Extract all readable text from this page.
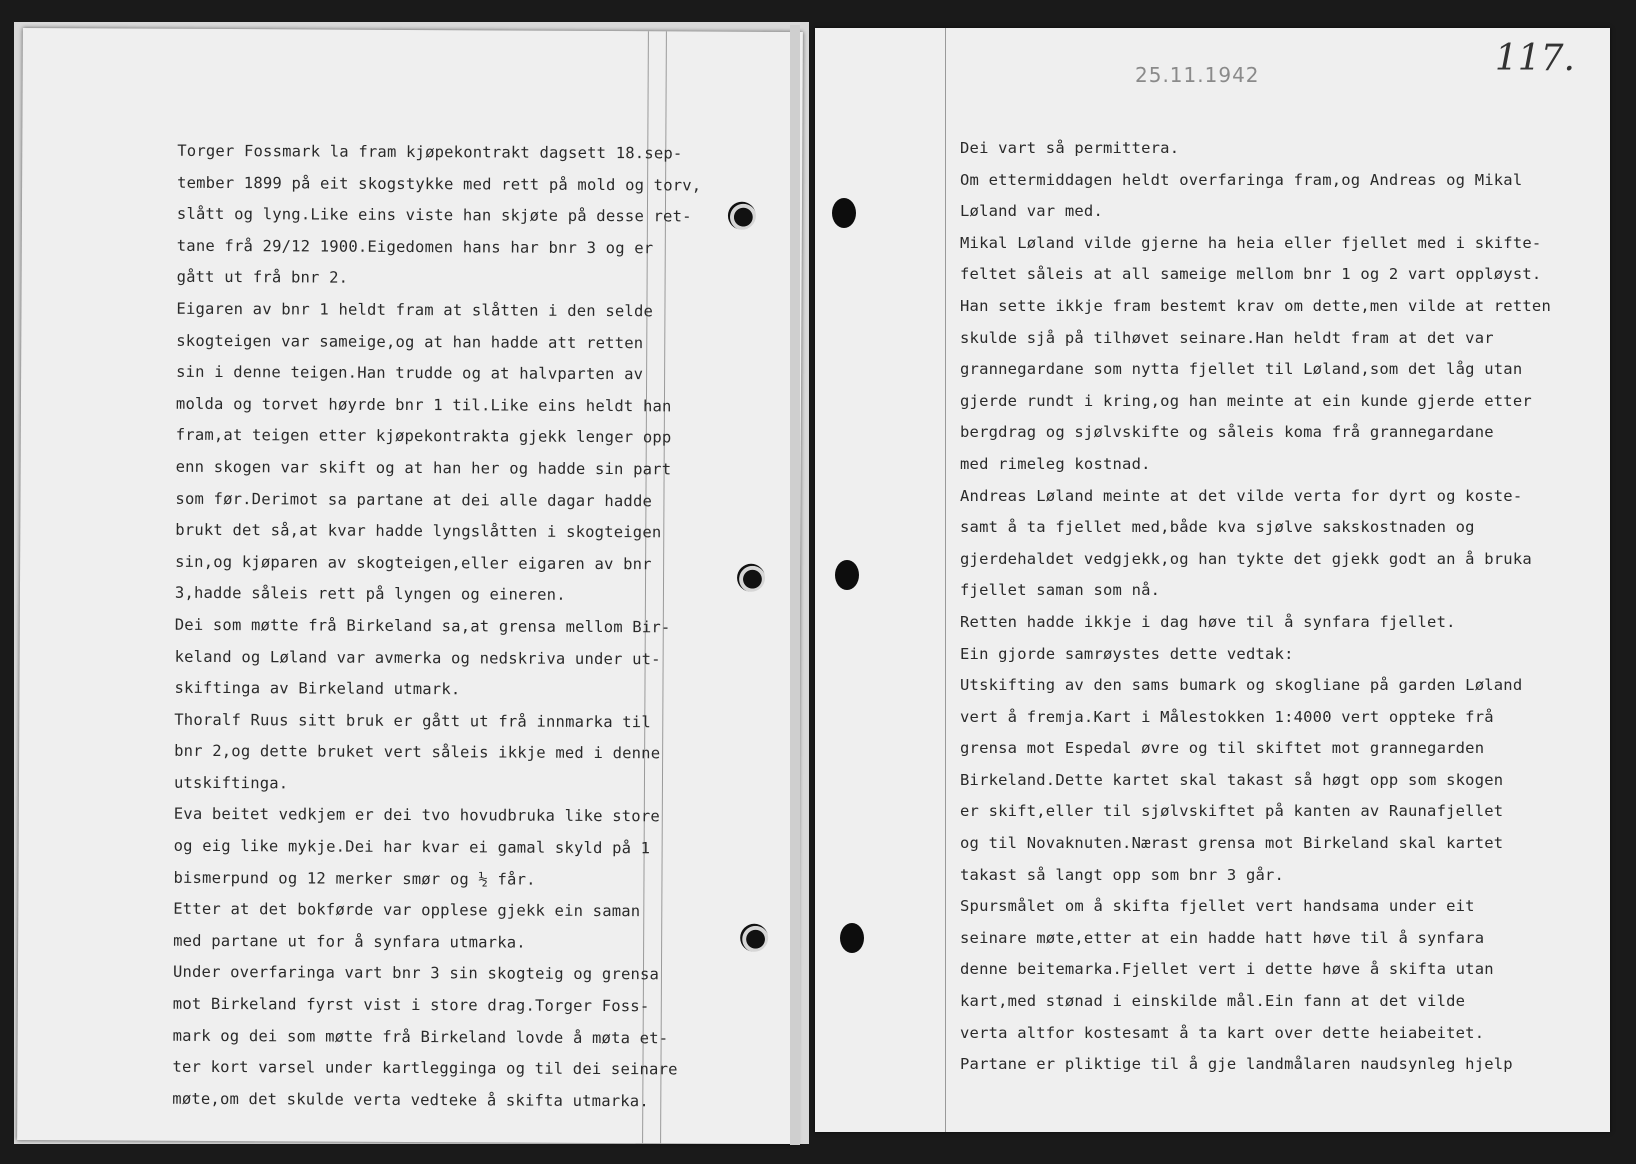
Torger Fossmark la fram kjøpekontrakt dagsett 18.sep-
tember 1899 på eit skogstykke med rett på mold og torv,
slått og lyng.Like eins viste han skjøte på desse ret-
tane frå 29/12 1900.Eigedomen hans har bnr 3 og er
gått ut frå bnr 2.
Eigaren av bnr 1 heldt fram at slåtten i den selde
skogteigen var sameige,og at han hadde att retten
sin i denne teigen.Han trudde og at halvparten av
molda og torvet høyrde bnr 1 til.Like eins heldt han
fram,at teigen etter kjøpekontrakta gjekk lenger opp
enn skogen var skift og at han her og hadde sin part
som før.Derimot sa partane at dei alle dagar hadde
brukt det så,at kvar hadde lyngslåtten i skogteigen
sin,og kjøparen av skogteigen,eller eigaren av bnr
3,hadde såleis rett på lyngen og eineren.
Dei som møtte frå Birkeland sa,at grensa mellom Bir-
keland og Løland var avmerka og nedskriva under ut-
skiftinga av Birkeland utmark.
Thoralf Ruus sitt bruk er gått ut frå innmarka til
bnr 2,og dette bruket vert såleis ikkje med i denne
utskiftinga.
Eva beitet vedkjem er dei tvo hovudbruka like store
og eig like mykje.Dei har kvar ei gamal skyld på 1
bismerpund og 12 merker smør og ½ får.
Etter at det bokførde var opplese gjekk ein saman
med partane ut for å synfara utmarka.
Under overfaringa vart bnr 3 sin skogteig og grensa
mot Birkeland fyrst vist i store drag.Torger Foss-
mark og dei som møtte frå Birkeland lovde å møta et-
ter kort varsel under kartlegginga og til dei seinare
møte,om det skulde verta vedteke å skifta utmarka.
25.11.1942	117.
Dei vart så permitterа.
Om ettermiddagen heldt overfaringa fram,og Andreas og Mikal
Løland var med.
Mikal Løland vilde gjerne ha heia eller fjellet med i skifte-
feltet såleis at all sameige mellom bnr 1 og 2 vart oppløyst.
Han sette ikkje fram bestemt krav om dette,men vilde at retten
skulde sjå på tilhøvet seinare.Han heldt fram at det var
grannegardane som nytta fjellet til Løland,som det låg utan
gjerde rundt i kring,og han meinte at ein kunde gjerde etter
bergdrag og sjølvskifte og såleis koma frå grannegardane
med rimeleg kostnad.
Andreas Løland meinte at det vilde verta for dyrt og koste-
samt å ta fjellet med,både kva sjølve sakskostnaden og
gjerdehaldet vedgjekk,og han tykte det gjekk godt an å bruka
fjellet saman som nå.
Retten hadde ikkje i dag høve til å synfara fjellet.
Ein gjorde samrøystes dette vedtak:
Utskifting av den sams bumark og skogliane på garden Løland
vert å fremja.Kart i Målestokken 1:4000 vert oppteke frå
grensa mot Espedal øvre og til skiftet mot grannegarden
Birkeland.Dette kartet skal takast så høgt opp som skogen
er skift,eller til sjølvskiftet på kanten av Raunafjellet
og til Novaknuten.Nærast grensa mot Birkeland skal kartet
takast så langt opp som bnr 3 går.
Spursmålet om å skifta fjellet vert handsama under eit
seinare møte,etter at ein hadde hatt høve til å synfara
denne beitemarka.Fjellet vert i dette høve å skifta utan
kart,med stønad i einskilde mål.Ein fann at det vilde
verta altfor kostesamt å ta kart over dette heiabeitet.
Partane er pliktige til å gje landmålaren naudsynleg hjelp
